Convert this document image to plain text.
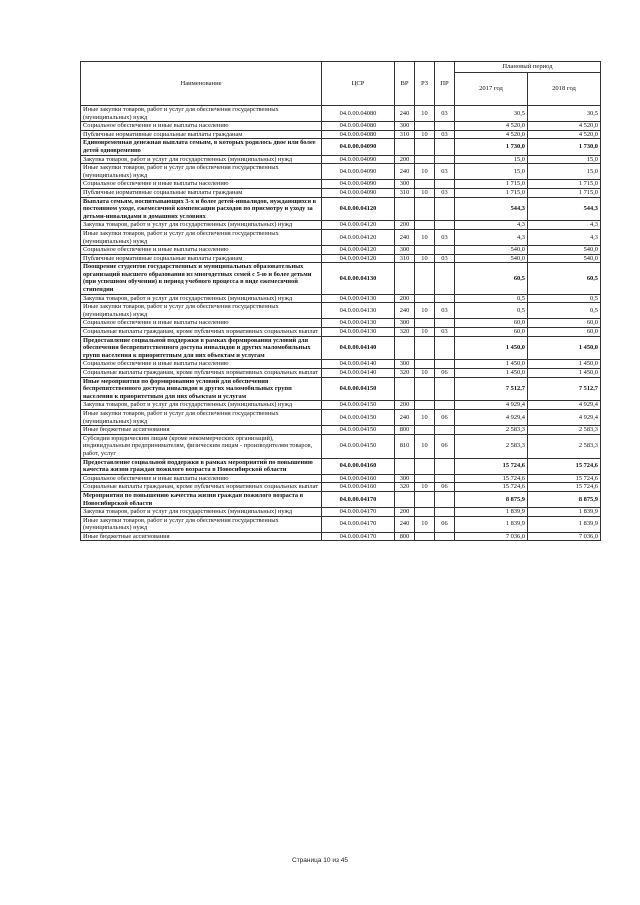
Наименование	ЦСР	ВР	РЗ	ПР	Плановый период	
					2017 год	2018 год
Иные закупки товаров, работ и услуг для обеспечения государственных (муниципальных) нужд	04.0.00.04080	240	10	03	30,5	30,5
Социальное обеспечение и иные выплаты населению	04.0.00.04080	300			4 520,0	4 520,0
Публичные нормативные социальные выплаты гражданам	04.0.00.04080	310	10	03	4 520,0	4 520,0
Единовременная денежная выплата семьям, в которых родилось двое или более детей одновременно	04.0.00.04090				1 730,0	1 730,0
Закупка товаров, работ и услуг для государственных (муниципальных) нужд	04.0.00.04090	200			15,0	15,0
Иные закупки товаров, работ и услуг для обеспечения государственных (муниципальных) нужд	04.0.00.04090	240	10	03	15,0	15,0
Социальное обеспечение и иные выплаты населению	04.0.00.04090	300			1 715,0	1 715,0
Публичные нормативные социальные выплаты гражданам	04.0.00.04090	310	10	03	1 715,0	1 715,0
Выплата семьям, воспитывающих 3-х и более детей-инвалидов, нуждающихся в постоянном уходе, ежемесячной компенсации расходов по присмотру и уходу за детьми-инвалидами в домашних условиях	04.0.00.04120				544,3	544,3
Закупка товаров, работ и услуг для государственных (муниципальных) нужд	04.0.00.04120	200			4,3	4,3
Иные закупки товаров, работ и услуг для обеспечения государственных (муниципальных) нужд	04.0.00.04120	240	10	03	4,3	4,3
Социальное обеспечение и иные выплаты населению	04.0.00.04120	300			540,0	540,0
Публичные нормативные социальные выплаты гражданам	04.0.00.04120	310	10	03	540,0	540,0
Поощрение студентов государственных и муниципальных образовательных организаций высшего образования из многодетных семей с 5-ю и более детьми (при успешном обучении) в период учебного процесса в виде ежемесячной стипендии	04.0.00.04130				60,5	60,5
Закупка товаров, работ и услуг для государственных (муниципальных) нужд	04.0.00.04130	200			0,5	0,5
Иные закупки товаров, работ и услуг для обеспечения государственных (муниципальных) нужд	04.0.00.04130	240	10	03	0,5	0,5
Социальное обеспечение и иные выплаты населению	04.0.00.04130	300			60,0	60,0
Социальные выплаты гражданам, кроме публичных нормативных социальных выплат	04.0.00.04130	320	10	03	60,0	60,0
Предоставление социальной поддержки в рамках формирования условий для обеспечения беспрепятственного доступа инвалидов и других маломобильных групп населения к приоритетным для них объектам и услугам	04.0.00.04140				1 450,0	1 450,0
Социальное обеспечение и иные выплаты населению	04.0.00.04140	300			1 450,0	1 450,0
Социальные выплаты гражданам, кроме публичных нормативных социальных выплат	04.0.00.04140	320	10	06	1 450,0	1 450,0
Иные мероприятия по формированию условий для обеспечения беспрепятственного доступа инвалидов и других маломобильных групп населения к приоритетным для них объектам и услугам	04.0.00.04150				7 512,7	7 512,7
Закупка товаров, работ и услуг для государственных (муниципальных) нужд	04.0.00.04150	200			4 929,4	4 929,4
Иные закупки товаров, работ и услуг для обеспечения государственных (муниципальных) нужд	04.0.00.04150	240	10	06	4 929,4	4 929,4
Иные бюджетные ассигнования	04.0.00.04150	800			2 583,3	2 583,3
Субсидии юридическим лицам (кроме некоммерческих организаций), индивидуальным предпринимателям, физическим лицам - производителям товаров, работ, услуг	04.0.00.04150	810	10	06	2 583,3	2 583,3
Предоставление социальной поддержки в рамках мероприятий по повышению качества жизни граждан пожилого возраста в Новосибирской области	04.0.00.04160				15 724,6	15 724,6
Социальное обеспечение и иные выплаты населению	04.0.00.04160	300			15 724,6	15 724,6
Социальные выплаты гражданам, кроме публичных нормативных социальных выплат	04.0.00.04160	320	10	06	15 724,6	15 724,6
Мероприятия по повышению качества жизни граждан пожилого возраста в Новосибирской области	04.0.00.04170				8 875,9	8 875,9
Закупка товаров, работ и услуг для государственных (муниципальных) нужд	04.0.00.04170	200			1 839,9	1 839,9
Иные закупки товаров, работ и услуг для обеспечения государственных (муниципальных) нужд	04.0.00.04170	240	10	06	1 839,9	1 839,9
Иные бюджетные ассигнования	04.0.00.04170	800			7 036,0	7 036,0
Страница 10 из 45
